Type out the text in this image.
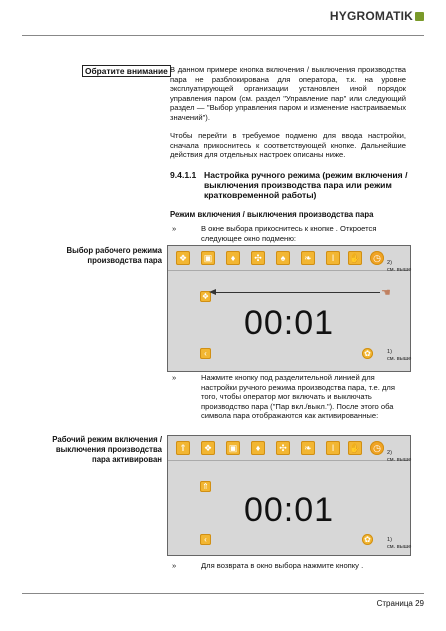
HYGROMATIK
Обратите внимание В данном примере кнопка включения / выключения производства пара не разблокирована для оператора, т.к. на уровне эксплуатирующей организации установлен иной порядок управления паром (см. раздел "Управление пар" или следующий раздел — "Выбор управления паром и изменение настраиваемых значений").
Чтобы перейти в требуемое подменю для ввода настройки, сначала прикоснитесь к соответствующей кнопке. Дальнейшие действия для отдельных настроек описаны ниже.
9.4.1.1 Настройка ручного режима (режим включения / выключения производства пара или режим кратковременной работы)
Режим включения / выключения производства пара
»	В окне выбора прикоснитесь к кнопке . Откроется следующее окно подменю:
Выбор рабочего режима производства пара	❖	▣	♦	✣	♠	❧	ǀ	✋	◷
❖
00:01
‹	✿
☚
2)
см. выше
1)
см. выше
»	Нажмите кнопку под разделительной линией для настройки ручного режима производства пара, т.е. для того, чтобы оператор мог включать и выключать производство пара ("Пар вкл./выкл."). После этого оба символа пара отображаются как активированные:
Рабочий режим включения / выключения производства пара активирован
⇑	❖	▣	♦	✣	❧	ǀ	✋	◷
⇑
00:01
‹	✿
2)
см. выше
1)
см. выше
»	Для возврата в окно выбора нажмите кнопку .
Страница 29
